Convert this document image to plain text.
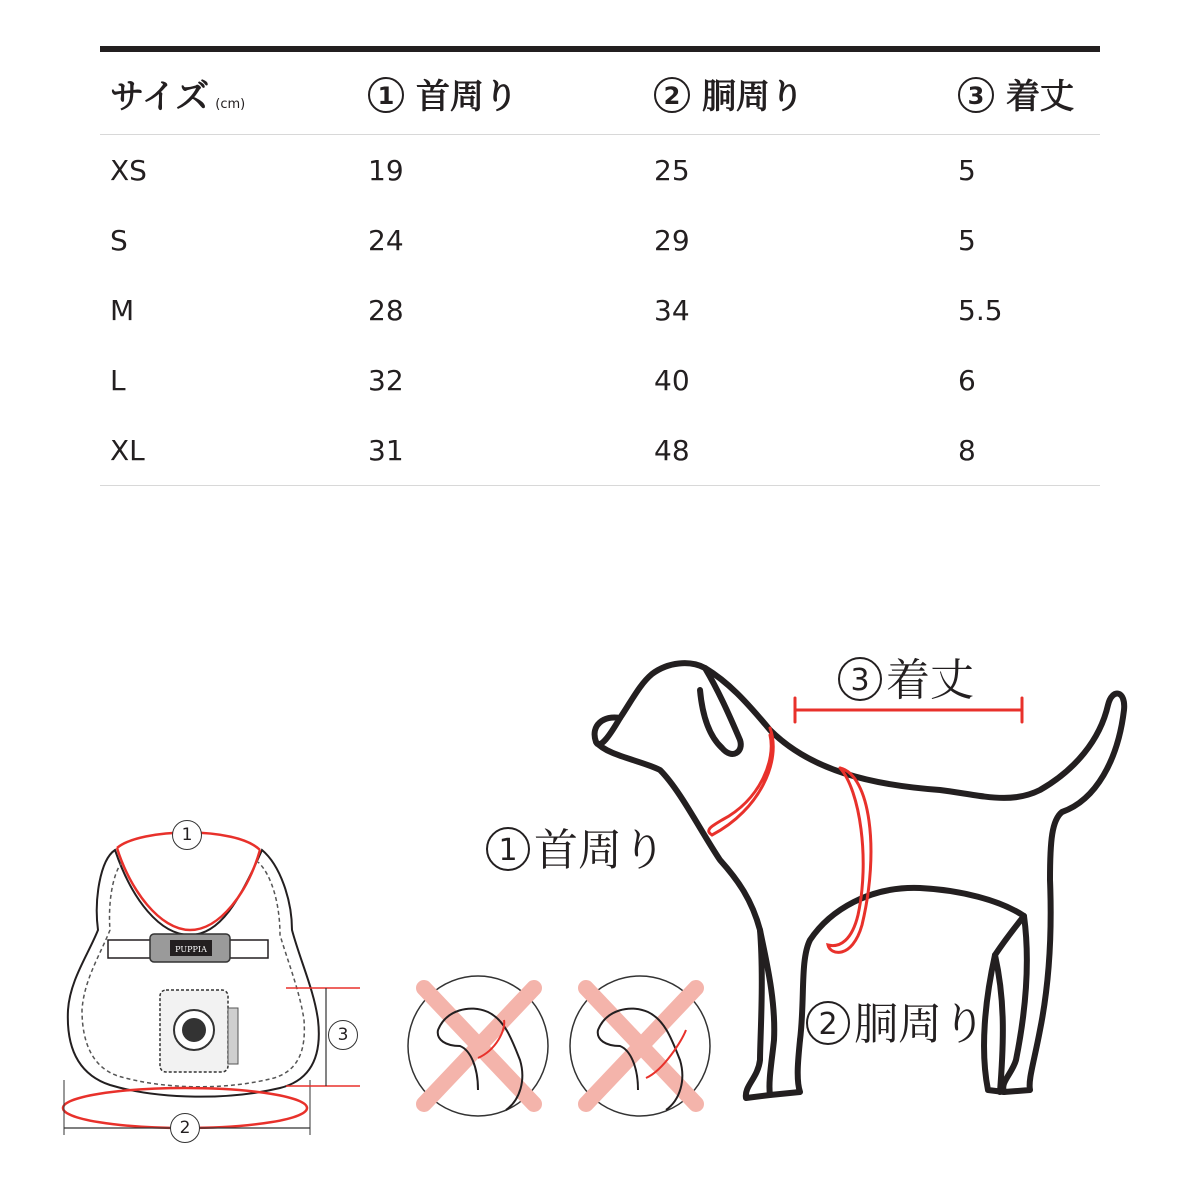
サイズ (cm)	1 首周り	2 胴周り	3 着丈
XS	19	25	5
S	24	29	5
M	28	34	5.5
L	32	40	6
XL	31	48	8
PUPPIA
1
2
3
3 着丈
1 首周り
2 胴周り
